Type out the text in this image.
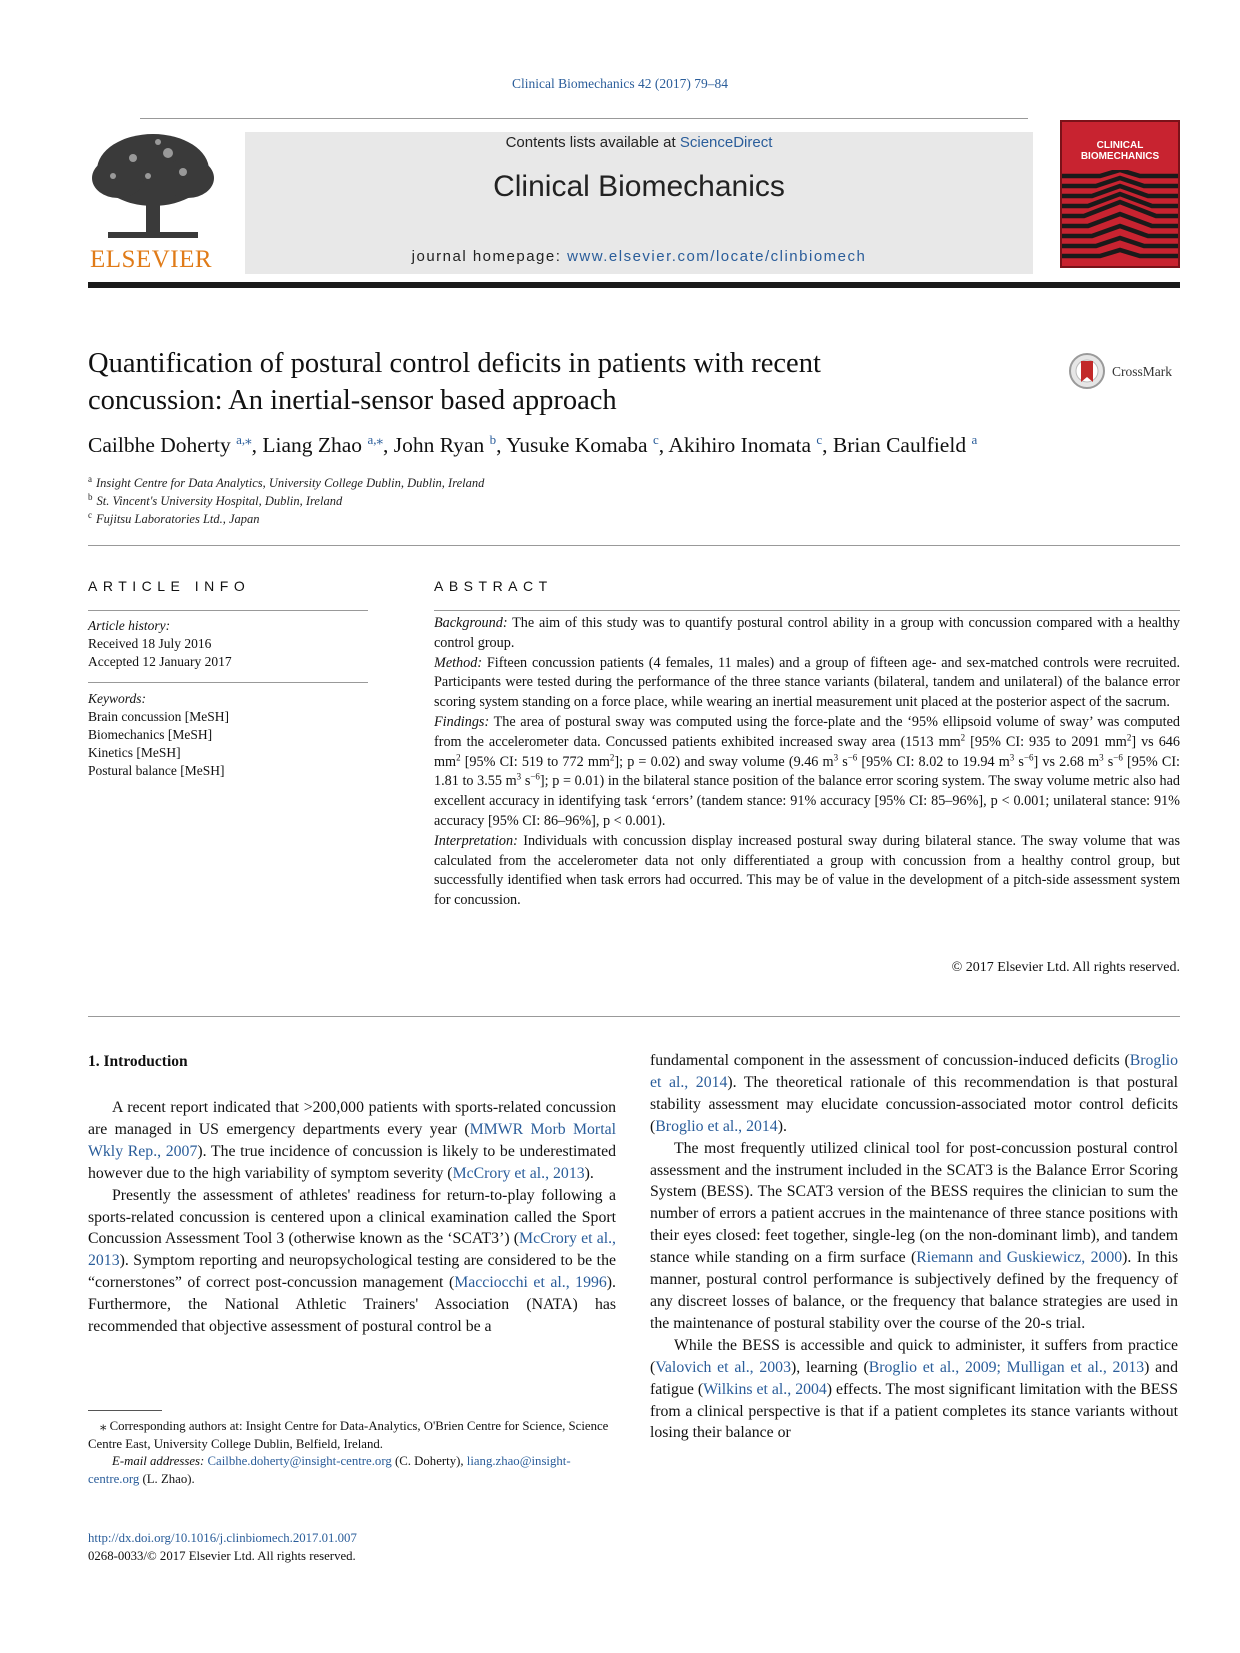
Clinical Biomechanics 42 (2017) 79–84
ELSEVIER
Contents lists available at ScienceDirect
Clinical Biomechanics
journal homepage: www.elsevier.com/locate/clinbiomech
CLINICAL
BIOMECHANICS
Quantification of postural control deficits in patients with recent
concussion: An inertial-sensor based approach
CrossMark
Cailbhe Doherty $^{a,⁎}$, Liang Zhao $^{a,⁎}$, John Ryan $^b$, Yusuke Komaba $^c$, Akihiro Inomata $^c$, Brian Caulfield $^a$
$^a$ Insight Centre for Data Analytics, University College Dublin, Dublin, Ireland
$^b$ St. Vincent's University Hospital, Dublin, Ireland
$^c$ Fujitsu Laboratories Ltd., Japan
ARTICLE INFO
Article history:
Received 18 July 2016
Accepted 12 January 2017
Keywords:
Brain concussion [MeSH]
Biomechanics [MeSH]
Kinetics [MeSH]
Postural balance [MeSH]
ABSTRACT

Background: The aim of this study was to quantify postural control ability in a group with concussion compared with a healthy control group.

Method: Fifteen concussion patients (4 females, 11 males) and a group of fifteen age- and sex-matched controls were recruited. Participants were tested during the performance of the three stance variants (bilateral, tandem and unilateral) of the balance error scoring system standing on a force place, while wearing an inertial measurement unit placed at the posterior aspect of the sacrum.

Findings: The area of postural sway was computed using the force-plate and the ‘95% ellipsoid volume of sway’ was computed from the accelerometer data. Concussed patients exhibited increased sway area (1513 $mm^2$ [95% CI: 935 to 2091 $mm^2$] vs 646 $mm^2$ [95% CI: 519 to 772 $mm^2$]; p = 0.02) and sway volume (9.46 $m^3$ $s^{-6}$ [95% CI: 8.02 to 19.94 $m^3$ $s^{-6}$] vs 2.68 $m^3$ $s^{-6}$ [95% CI: 1.81 to 3.55 $m^3$ $s^{-6}$]; p = 0.01) in the bilateral stance position of the balance error scoring system. The sway volume metric also had excellent accuracy in identifying task ‘errors’ (tandem stance: 91% accuracy [95% CI: 85–96%], p < 0.001; unilateral stance: 91% accuracy [95% CI: 86–96%], p < 0.001).

Interpretation: Individuals with concussion display increased postural sway during bilateral stance. The sway volume that was calculated from the accelerometer data not only differentiated a group with concussion from a healthy control group, but successfully identified when task errors had occurred. This may be of value in the development of a pitch-side assessment system for concussion.

© 2017 Elsevier Ltd. All rights reserved.
1. Introduction

A recent report indicated that >200,000 patients with sports-related concussion are managed in US emergency departments every year (MMWR Morb Mortal Wkly Rep., 2007). The true incidence of concussion is likely to be underestimated however due to the high variability of symptom severity (McCrory et al., 2013).

Presently the assessment of athletes' readiness for return-to-play following a sports-related concussion is centered upon a clinical examination called the Sport Concussion Assessment Tool 3 (otherwise known as the ‘SCAT3’) (McCrory et al., 2013). Symptom reporting and neuropsychological testing are considered to be the “cornerstones” of correct post-concussion management (Macciocchi et al., 1996). Furthermore, the National Athletic Trainers' Association (NATA) has recommended that objective assessment of postural control be a

fundamental component in the assessment of concussion-induced deficits (Broglio et al., 2014). The theoretical rationale of this recommendation is that postural stability assessment may elucidate concussion-associated motor control deficits (Broglio et al., 2014).

The most frequently utilized clinical tool for post-concussion postural control assessment and the instrument included in the SCAT3 is the Balance Error Scoring System (BESS). The SCAT3 version of the BESS requires the clinician to sum the number of errors a patient accrues in the maintenance of three stance positions with their eyes closed: feet together, single-leg (on the non-dominant limb), and tandem stance while standing on a firm surface (Riemann and Guskiewicz, 2000). In this manner, postural control performance is subjectively defined by the frequency of any discreet losses of balance, or the frequency that balance strategies are used in the maintenance of postural stability over the course of the 20-s trial.

While the BESS is accessible and quick to administer, it suffers from practice (Valovich et al., 2003), learning (Broglio et al., 2009; Mulligan et al., 2013) and fatigue (Wilkins et al., 2004) effects. The most significant limitation with the BESS from a clinical perspective is that if a patient completes its stance variants without losing their balance or

⁎ Corresponding authors at: Insight Centre for Data-Analytics, O'Brien Centre for Science, Science Centre East, University College Dublin, Belfield, Ireland.

E-mail addresses: Cailbhe.doherty@insight-centre.org (C. Doherty), liang.zhao@insight-centre.org (L. Zhao).

http://dx.doi.org/10.1016/j.clinbiomech.2017.01.007
0268-0033/© 2017 Elsevier Ltd. All rights reserved.
